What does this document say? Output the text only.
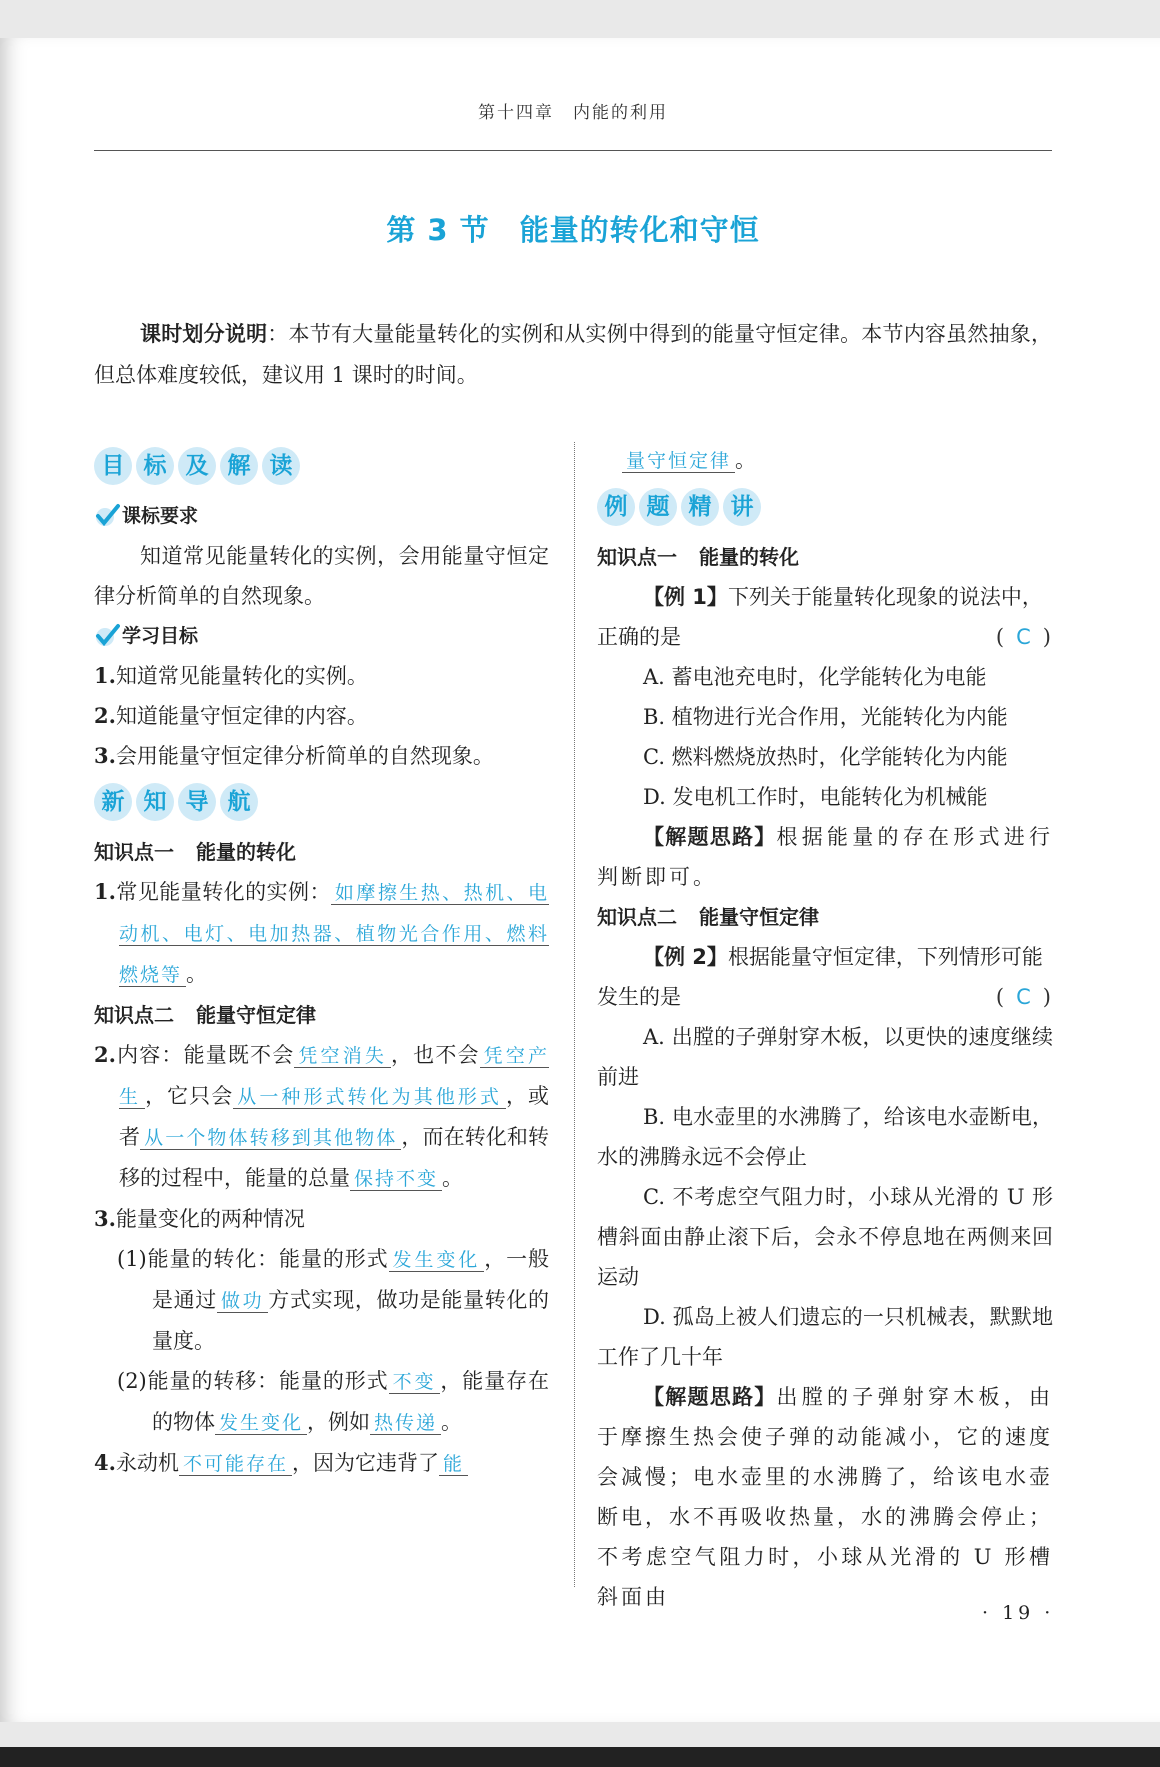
第十四章　内能的利用
第 3 节　能量的转化和守恒
课时划分说明：本节有大量能量转化的实例和从实例中得到的能量守恒定律。本节内容虽然抽象，但总体难度较低，建议用 1 课时的时间。
目 标 及 解 读
课标要求
知道常见能量转化的实例，会用能量守恒定律分析简单的自然现象。
学习目标
1.知道常见能量转化的实例。
2.知道能量守恒定律的内容。
3.会用能量守恒定律分析简单的自然现象。
新 知 导 航
知识点一 能量的转化
1.常见能量转化的实例： 如摩擦生热、热机、电动机、电灯、电加热器、植物光合作用、燃料燃烧等 。
知识点二 能量守恒定律
2.内容：能量既不会 凭空消失 ，也不会 凭空产生 ，它只会 从一种形式转化为其他形式 ，或者 从一个物体转移到其他物体 ，而在转化和转移的过程中，能量的总量 保持不变 。
3.能量变化的两种情况
(1)能量的转化：能量的形式 发生变化 ，一般是通过 做功 方式实现，做功是能量转化的量度。
(2)能量的转移：能量的形式 不变 ，能量存在的物体 发生变化 ，例如 热传递 。
4.永动机 不可能存在 ，因为它违背了 能
量守恒定律 。
例 题 精 讲
知识点一 能量的转化
【例 1】下列关于能量转化现象的说法中，
正确的是	( C )
A. 蓄电池充电时，化学能转化为电能
B. 植物进行光合作用，光能转化为内能
C. 燃料燃烧放热时，化学能转化为内能
D. 发电机工作时，电能转化为机械能
【解题思路】根据能量的存在形式进行判断即可。
知识点二 能量守恒定律
【例 2】根据能量守恒定律，下列情形可能
发生的是	( C )
A. 出膛的子弹射穿木板，以更快的速度继续前进
B. 电水壶里的水沸腾了，给该电水壶断电，水的沸腾永远不会停止
C. 不考虑空气阻力时，小球从光滑的 U 形槽斜面由静止滚下后，会永不停息地在两侧来回运动
D. 孤岛上被人们遗忘的一只机械表，默默地工作了几十年
【解题思路】出膛的子弹射穿木板，由于摩擦生热会使子弹的动能减小，它的速度会减慢；电水壶里的水沸腾了，给该电水壶断电，水不再吸收热量，水的沸腾会停止；不考虑空气阻力时，小球从光滑的 U 形槽斜面由
· 19 ·
